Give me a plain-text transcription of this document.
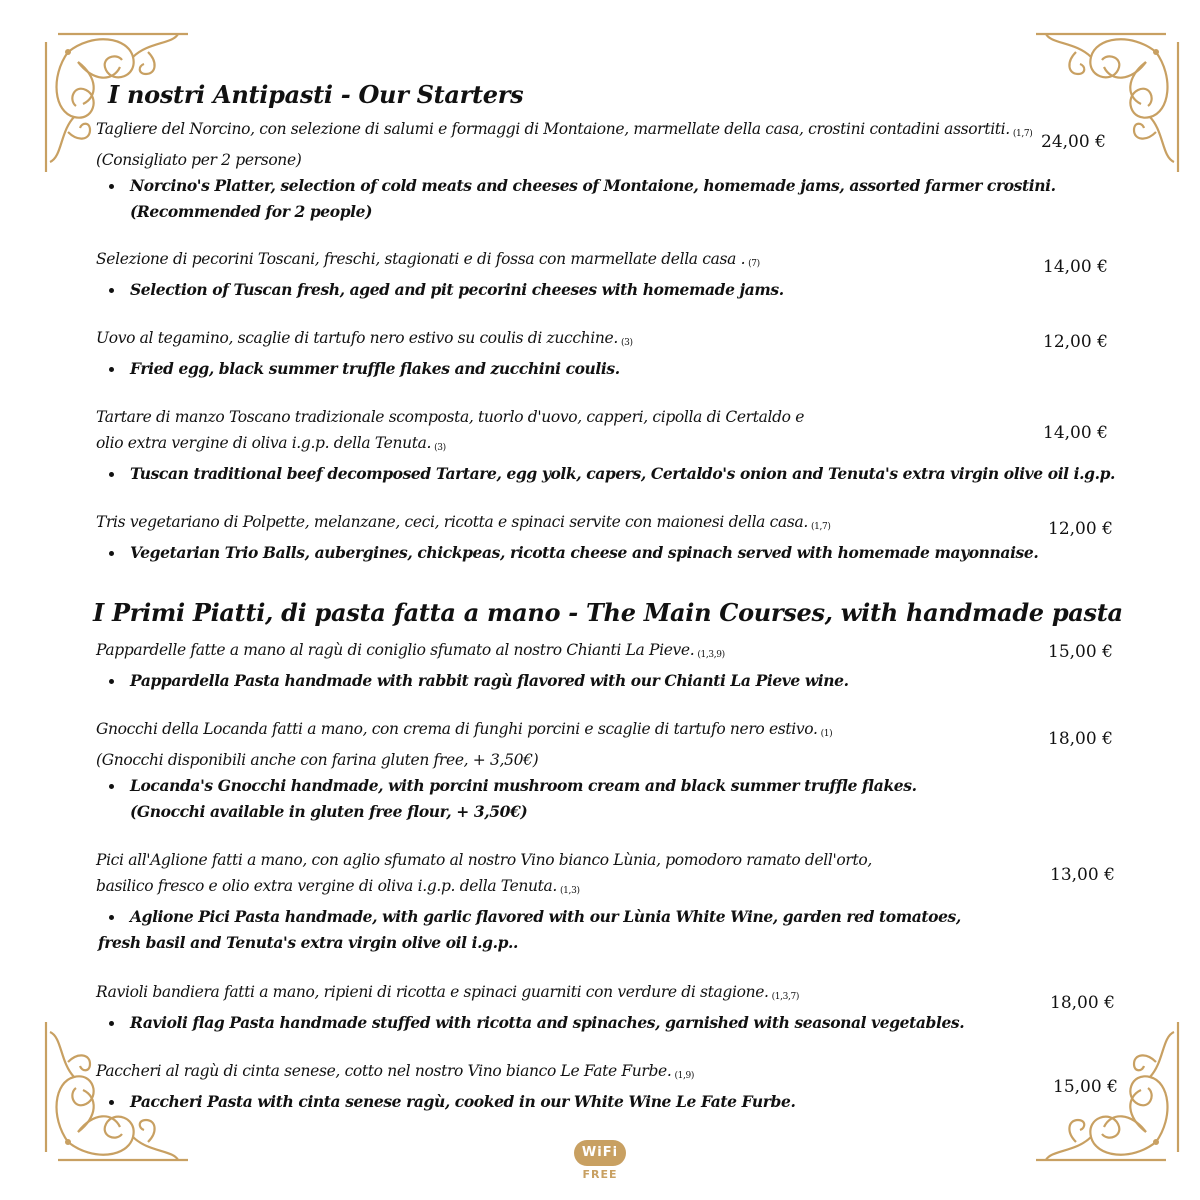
I nostri Antipasti - Our Starters
Tagliere del Norcino, con selezione di salumi e formaggi di Montaione, marmellate della casa, crostini contadini assortiti. (1,7)
(Consigliato per 2 persone)
Norcino's Platter, selection of cold meats and cheeses of Montaione, homemade jams, assorted farmer crostini.
(Recommended for 2 people)
24,00 €
Selezione di pecorini Toscani, freschi, stagionati e di fossa con marmellate della casa . (7)
Selection of Tuscan fresh, aged and pit pecorini cheeses with homemade jams.
14,00 €
Uovo al tegamino, scaglie di tartufo nero estivo su coulis di zucchine. (3)
Fried egg, black summer truffle flakes and zucchini coulis.
12,00 €
Tartare di manzo Toscano tradizionale scomposta, tuorlo d'uovo, capperi, cipolla di Certaldo e
olio extra vergine di oliva i.g.p. della Tenuta. (3)
Tuscan traditional beef decomposed Tartare, egg yolk, capers, Certaldo's onion and Tenuta's extra virgin olive oil i.g.p.
14,00 €
Tris vegetariano di Polpette, melanzane, ceci, ricotta e spinaci servite con maionesi della casa. (1,7)
Vegetarian Trio Balls, aubergines, chickpeas, ricotta cheese and spinach served with homemade mayonnaise.
12,00 €
I Primi Piatti, di pasta fatta a mano - The Main Courses, with handmade pasta
Pappardelle fatte a mano al ragù di coniglio sfumato al nostro Chianti La Pieve. (1,3,9)
Pappardella Pasta handmade with rabbit ragù flavored with our Chianti La Pieve wine.
15,00 €
Gnocchi della Locanda fatti a mano, con crema di funghi porcini e scaglie di tartufo nero estivo. (1)
(Gnocchi disponibili anche con farina gluten free, + 3,50€)
Locanda's Gnocchi handmade, with porcini mushroom cream and black summer truffle flakes.
(Gnocchi available in gluten free flour, + 3,50€)
18,00 €
Pici all'Aglione fatti a mano, con aglio sfumato al nostro Vino bianco Lùnia, pomodoro ramato dell'orto,
basilico fresco e olio extra vergine di oliva i.g.p. della Tenuta. (1,3)
Aglione Pici Pasta handmade, with garlic flavored with our Lùnia White Wine, garden red tomatoes,
fresh basil and Tenuta's extra virgin olive oil i.g.p..
13,00 €
Ravioli bandiera fatti a mano, ripieni di ricotta e spinaci guarniti con verdure di stagione. (1,3,7)
Ravioli flag Pasta handmade stuffed with ricotta and spinaches, garnished with seasonal vegetables.
18,00 €
Paccheri al ragù di cinta senese, cotto nel nostro Vino bianco Le Fate Furbe. (1,9)
Paccheri Pasta with cinta senese ragù, cooked in our White Wine Le Fate Furbe.
15,00 €
WiFi
FREE
